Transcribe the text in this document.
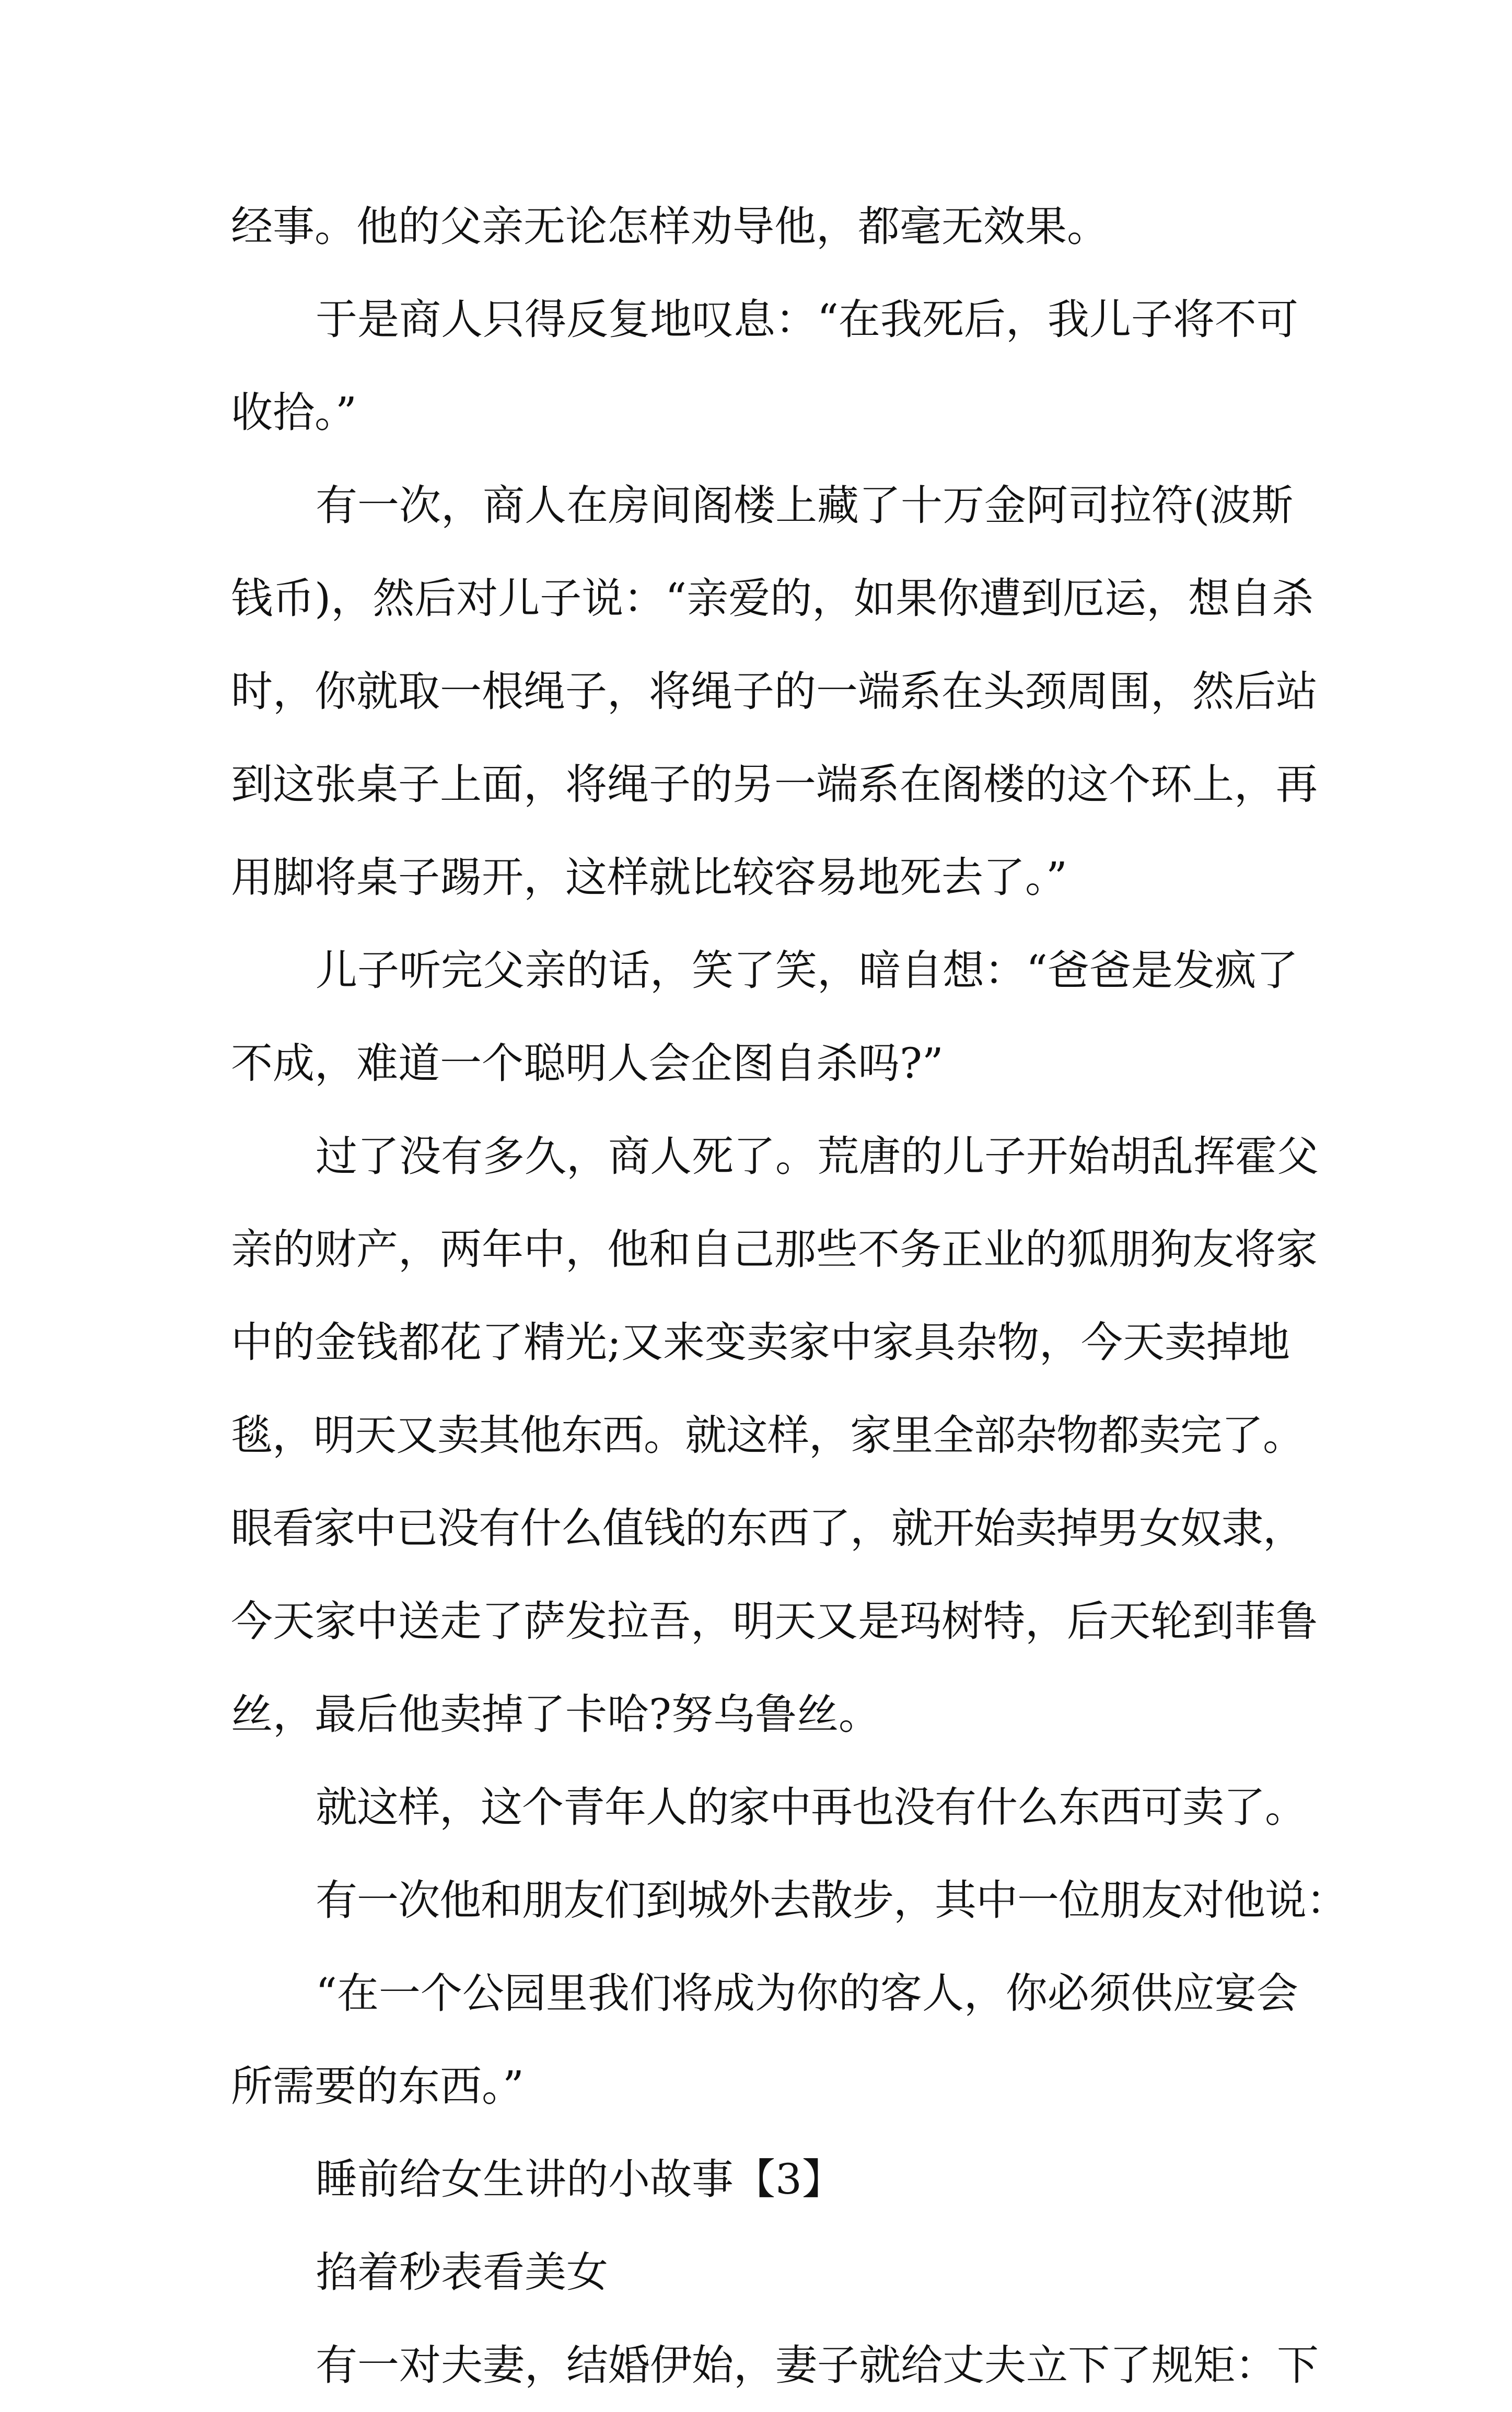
经事。他的父亲无论怎样劝导他，都毫无效果。
于是商人只得反复地叹息：“在我死后，我儿子将不可
收拾。”
有一次，商人在房间阁楼上藏了十万金阿司拉符(波斯
钱币)，然后对儿子说：“亲爱的，如果你遭到厄运，想自杀
时，你就取一根绳子，将绳子的一端系在头颈周围，然后站
到这张桌子上面，将绳子的另一端系在阁楼的这个环上，再
用脚将桌子踢开，这样就比较容易地死去了。”
儿子听完父亲的话，笑了笑，暗自想：“爸爸是发疯了
不成，难道一个聪明人会企图自杀吗?”
过了没有多久，商人死了。荒唐的儿子开始胡乱挥霍父
亲的财产，两年中，他和自己那些不务正业的狐朋狗友将家
中的金钱都花了精光;又来变卖家中家具杂物，今天卖掉地
毯，明天又卖其他东西。就这样，家里全部杂物都卖完了。
眼看家中已没有什么值钱的东西了，就开始卖掉男女奴隶，
今天家中送走了萨发拉吾，明天又是玛树特，后天轮到菲鲁
丝，最后他卖掉了卡哈?努乌鲁丝。
就这样，这个青年人的家中再也没有什么东西可卖了。
有一次他和朋友们到城外去散步，其中一位朋友对他说：
“在一个公园里我们将成为你的客人，你必须供应宴会
所需要的东西。”
睡前给女生讲的小故事【3】
掐着秒表看美女
有一对夫妻，结婚伊始，妻子就给丈夫立下了规矩：下
